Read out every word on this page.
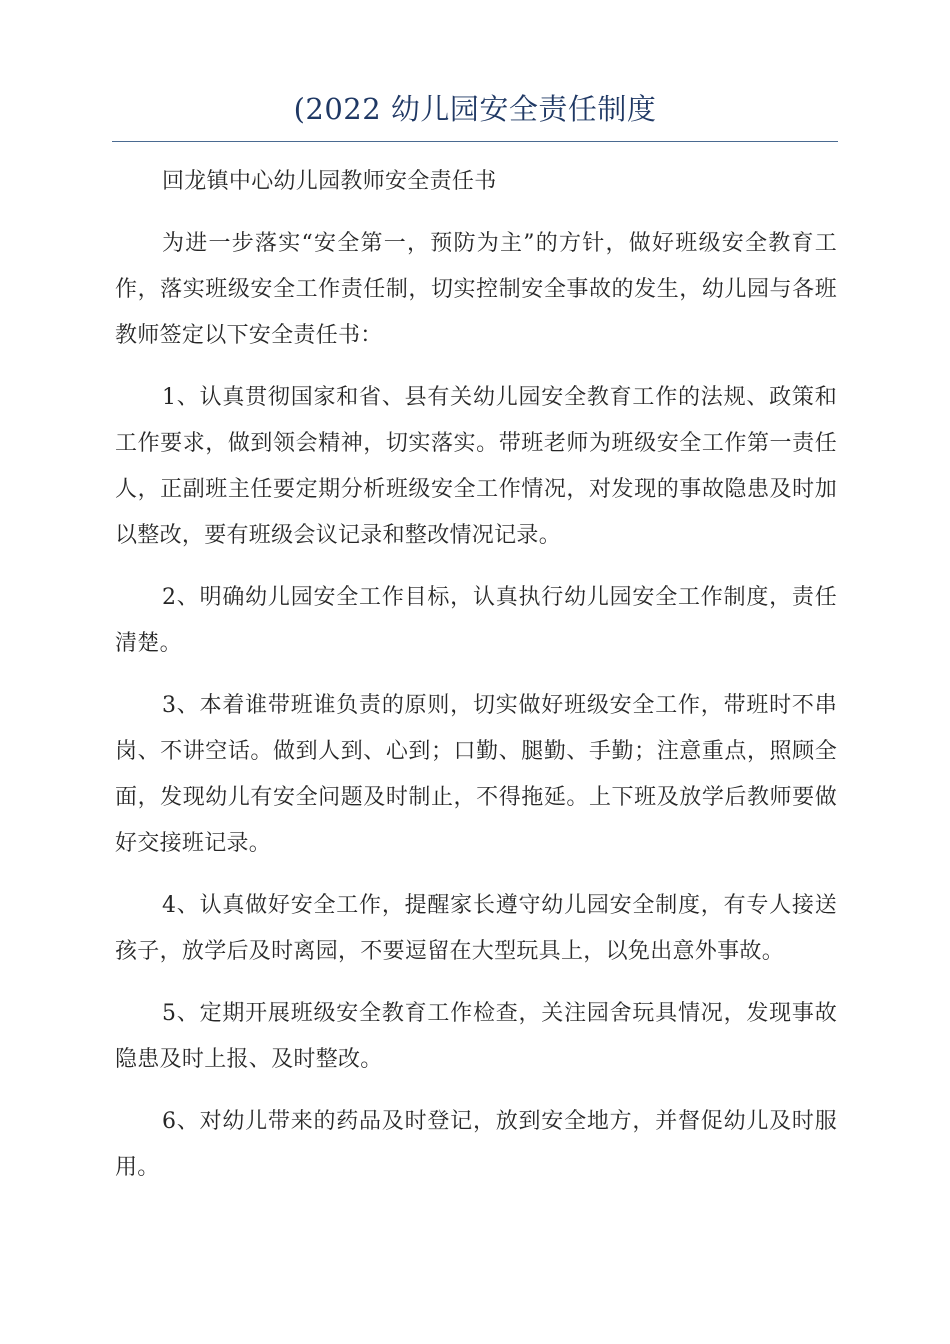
(2022 幼儿园安全责任制度

回龙镇中心幼儿园教师安全责任书

为进一步落实“安全第一，预防为主”的方针，做好班级安全教育工作，落实班级安全工作责任制，切实控制安全事故的发生，幼儿园与各班教师签定以下安全责任书：

1、认真贯彻国家和省、县有关幼儿园安全教育工作的法规、政策和工作要求，做到领会精神，切实落实。带班老师为班级安全工作第一责任人，正副班主任要定期分析班级安全工作情况，对发现的事故隐患及时加以整改，要有班级会议记录和整改情况记录。

2、明确幼儿园安全工作目标，认真执行幼儿园安全工作制度，责任清楚。

3、本着谁带班谁负责的原则，切实做好班级安全工作，带班时不串岗、不讲空话。做到人到、心到；口勤、腿勤、手勤；注意重点，照顾全面，发现幼儿有安全问题及时制止，不得拖延。上下班及放学后教师要做好交接班记录。

4、认真做好安全工作，提醒家长遵守幼儿园安全制度，有专人接送孩子，放学后及时离园，不要逗留在大型玩具上，以免出意外事故。

5、定期开展班级安全教育工作检查，关注园舍玩具情况，发现事故隐患及时上报、及时整改。

6、对幼儿带来的药品及时登记，放到安全地方，并督促幼儿及时服用。
